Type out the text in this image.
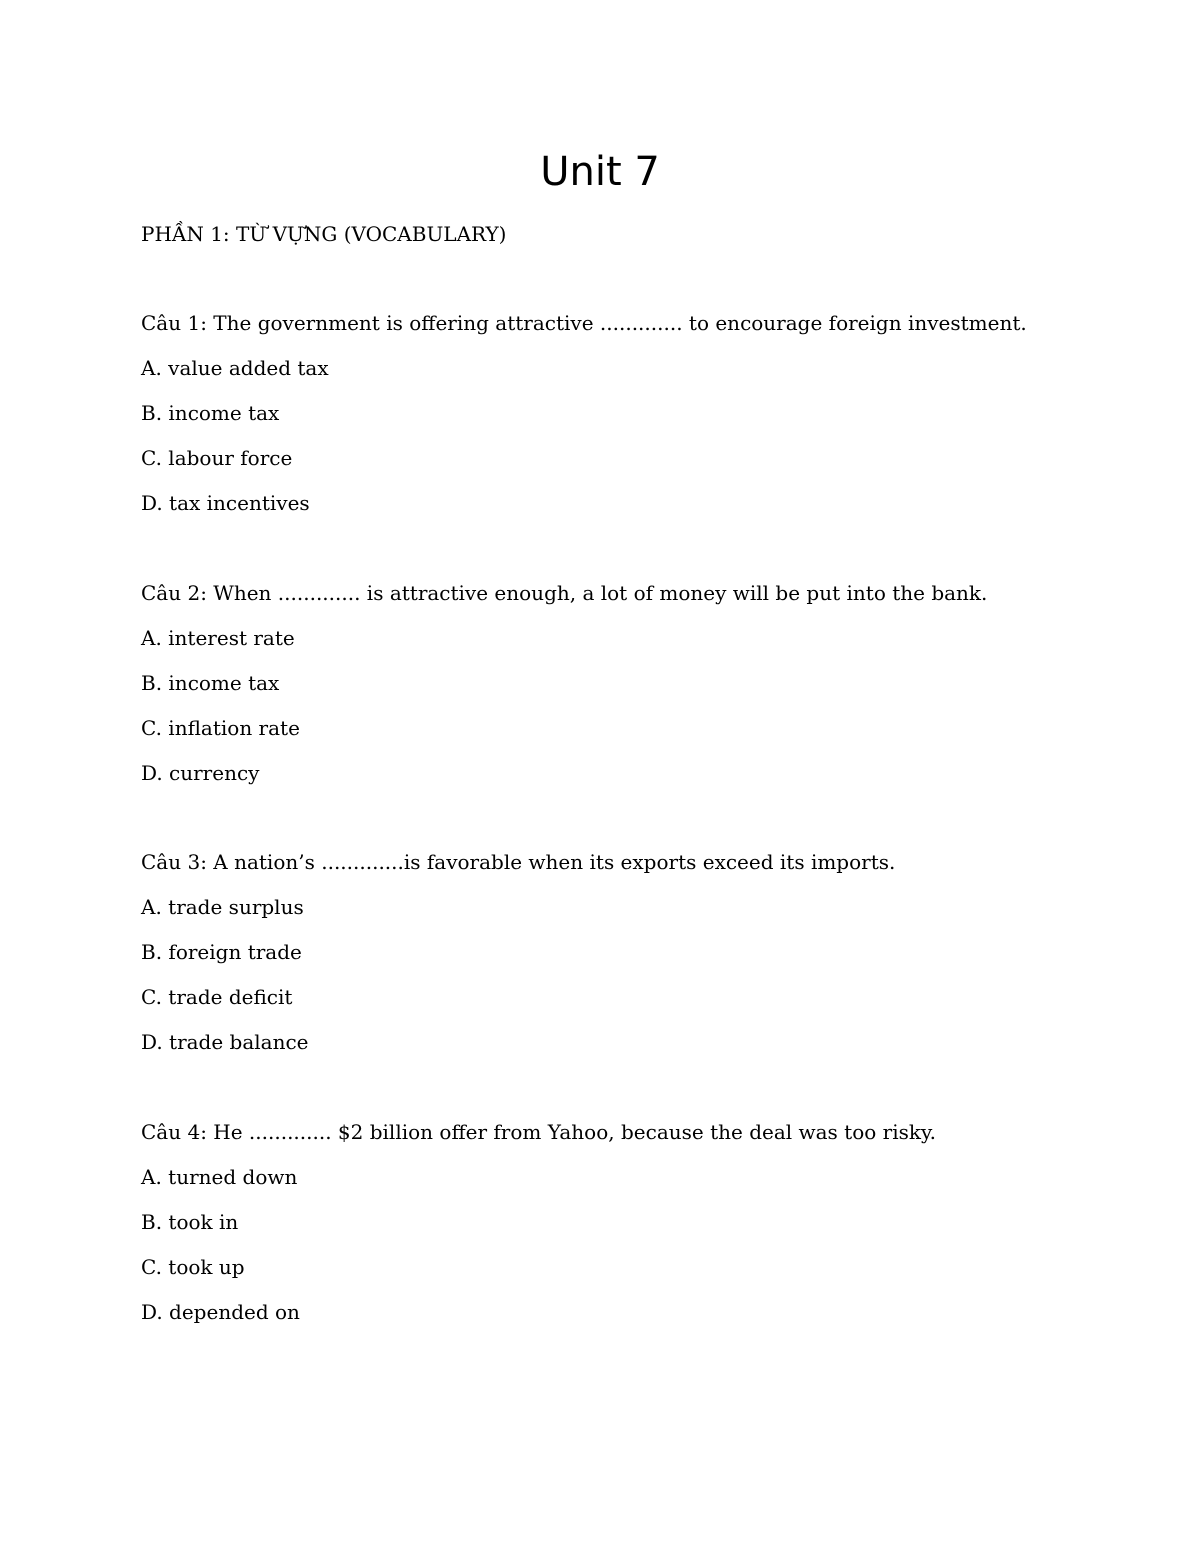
Unit 7
PHẦN 1: TỪ VỰNG (VOCABULARY)
Câu 1: The government is offering attractive ............. to encourage foreign investment.
A. value added tax
B. income tax
C. labour force
D. tax incentives
Câu 2: When ............. is attractive enough, a lot of money will be put into the bank.
A. interest rate
B. income tax
C. inflation rate
D. currency
Câu 3: A nation’s .............is favorable when its exports exceed its imports.
A. trade surplus
B. foreign trade
C. trade deficit
D. trade balance
Câu 4: He ............. $2 billion offer from Yahoo, because the deal was too risky.
A. turned down
B. took in
C. took up
D. depended on
